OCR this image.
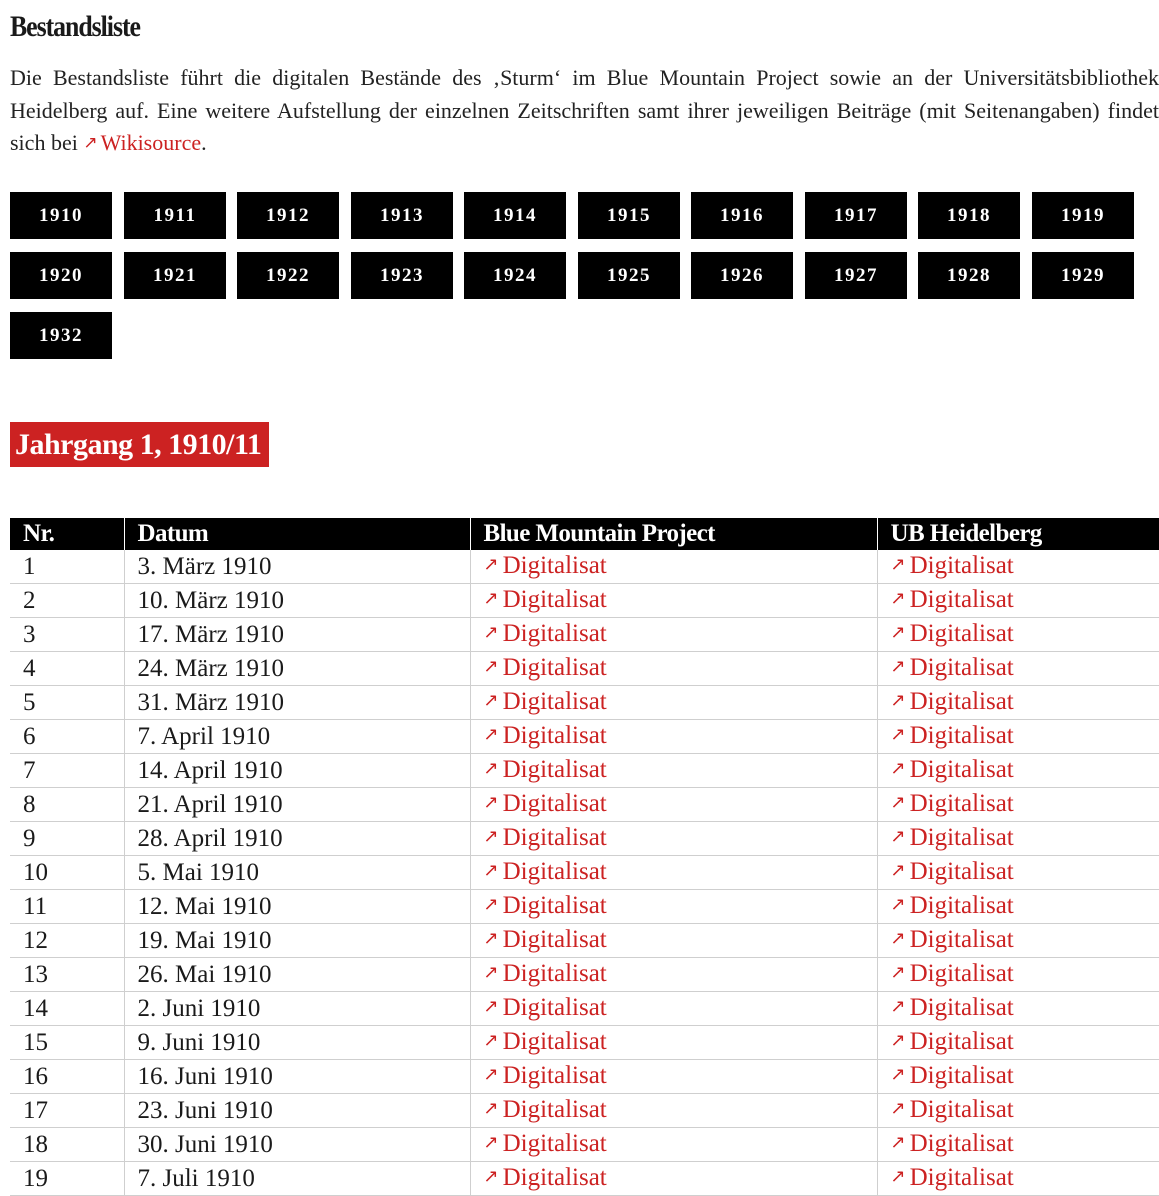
Bestandsliste

Die Bestandsliste führt die digitalen Bestände des ‚Sturm‘ im Blue Mountain Project sowie an der Universitätsbibliothek Heidelberg auf. Eine weitere Aufstellung der einzelnen Zeitschriften samt ihrer jeweiligen Beiträge (mit Seitenangaben) findet sich bei ↗ Wikisource.

1910	1911	1912	1913	1914	1915	1916	1917	1918	1919
1920	1921	1922	1923	1924	1925	1926	1927	1928	1929
1932
Jahrgang 1, 1910/11
Nr.	Datum	Blue Mountain Project	UB Heidelberg
1	3. März 1910	↗ Digitalisat	↗ Digitalisat
2	10. März 1910	↗ Digitalisat	↗ Digitalisat
3	17. März 1910	↗ Digitalisat	↗ Digitalisat
4	24. März 1910	↗ Digitalisat	↗ Digitalisat
5	31. März 1910	↗ Digitalisat	↗ Digitalisat
6	7. April 1910	↗ Digitalisat	↗ Digitalisat
7	14. April 1910	↗ Digitalisat	↗ Digitalisat
8	21. April 1910	↗ Digitalisat	↗ Digitalisat
9	28. April 1910	↗ Digitalisat	↗ Digitalisat
10	5. Mai 1910	↗ Digitalisat	↗ Digitalisat
11	12. Mai 1910	↗ Digitalisat	↗ Digitalisat
12	19. Mai 1910	↗ Digitalisat	↗ Digitalisat
13	26. Mai 1910	↗ Digitalisat	↗ Digitalisat
14	2. Juni 1910	↗ Digitalisat	↗ Digitalisat
15	9. Juni 1910	↗ Digitalisat	↗ Digitalisat
16	16. Juni 1910	↗ Digitalisat	↗ Digitalisat
17	23. Juni 1910	↗ Digitalisat	↗ Digitalisat
18	30. Juni 1910	↗ Digitalisat	↗ Digitalisat
19	7. Juli 1910	↗ Digitalisat	↗ Digitalisat
